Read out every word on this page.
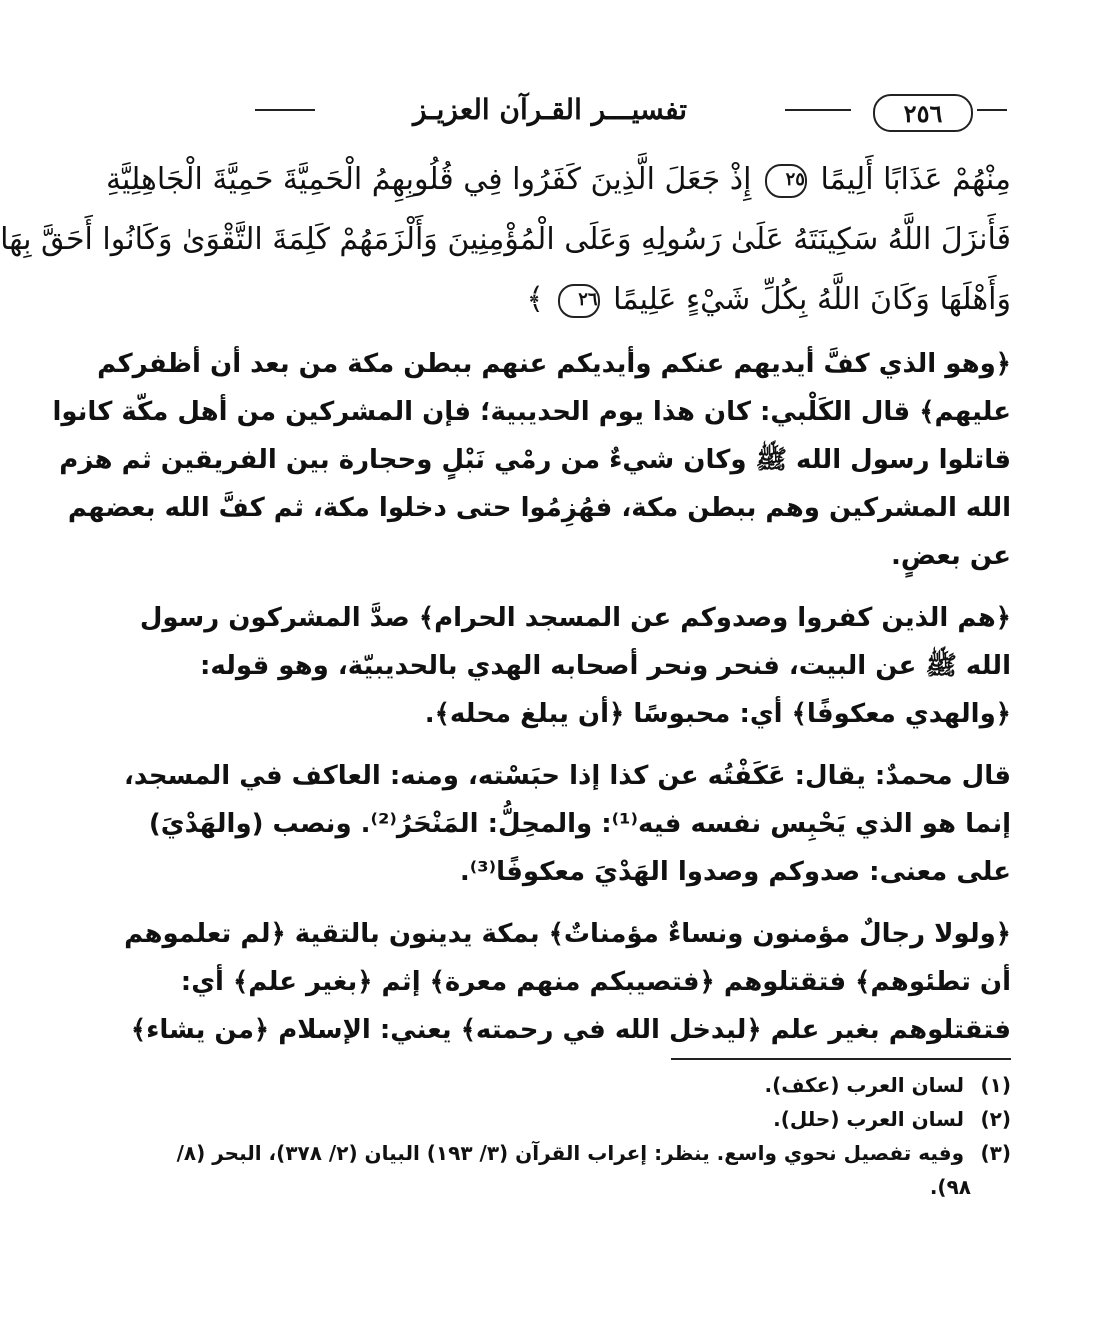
تفسيـــر القـرآن العزيـز	٢٥٦
مِنْهُمْ عَذَابًا أَلِيمًا ٢٥ إِذْ جَعَلَ الَّذِينَ كَفَرُوا فِي قُلُوبِهِمُ الْحَمِيَّةَ حَمِيَّةَ الْجَاهِلِيَّةِ
فَأَنزَلَ اللَّهُ سَكِينَتَهُ عَلَىٰ رَسُولِهِ وَعَلَى الْمُؤْمِنِينَ وَأَلْزَمَهُمْ كَلِمَةَ التَّقْوَىٰ وَكَانُوا أَحَقَّ بِهَا
وَأَهْلَهَا وَكَانَ اللَّهُ بِكُلِّ شَيْءٍ عَلِيمًا ٢٦ ﴾
﴿وهو الذي كفَّ أيديهم عنكم وأيديكم عنهم ببطن مكة من بعد أن أظفركم
عليهم﴾ قال الكَلْبي: كان هذا يوم الحديبية؛ فإن المشركين من أهل مكّة كانوا
قاتلوا رسول الله ﷺ وكان شيءٌ من رمْي نَبْلٍ وحجارة بين الفريقين ثم هزم
الله المشركين وهم ببطن مكة، فهُزِمُوا حتى دخلوا مكة، ثم كفَّ الله بعضهم
عن بعضٍ.
﴿هم الذين كفروا وصدوكم عن المسجد الحرام﴾ صدَّ المشركون رسول
الله ﷺ عن البيت، فنحر ونحر أصحابه الهدي بالحديبيّة، وهو قوله:
﴿والهدي معكوفًا﴾ أي: محبوسًا ﴿أن يبلغ محله﴾.
قال محمدٌ: يقال: عَكَفْتُه عن كذا إذا حبَسْته، ومنه: العاكف في المسجد،
إنما هو الذي يَحْبِس نفسه فيه⁽¹⁾: والمحِلُّ: المَنْحَرُ⁽²⁾. ونصب (والهَدْيَ)
على معنى: صدوكم وصدوا الهَدْيَ معكوفًا⁽³⁾.
﴿ولولا رجالٌ مؤمنون ونساءٌ مؤمناتٌ﴾ بمكة يدينون بالتقية ﴿لم تعلموهم
أن تطئوهم﴾ فتقتلوهم ﴿فتصيبكم منهم معرة﴾ إثم ﴿بغير علم﴾ أي:
فتقتلوهم بغير علم ﴿ليدخل الله في رحمته﴾ يعني: الإسلام ﴿من يشاء﴾
(١) لسان العرب (عكف).
(٢) لسان العرب (حلل).
(٣) وفيه تفصيل نحوي واسع. ينظر: إعراب القرآن (٣/ ١٩٣) البيان (٢/ ٣٧٨)، البحر (٨/
٩٨).
